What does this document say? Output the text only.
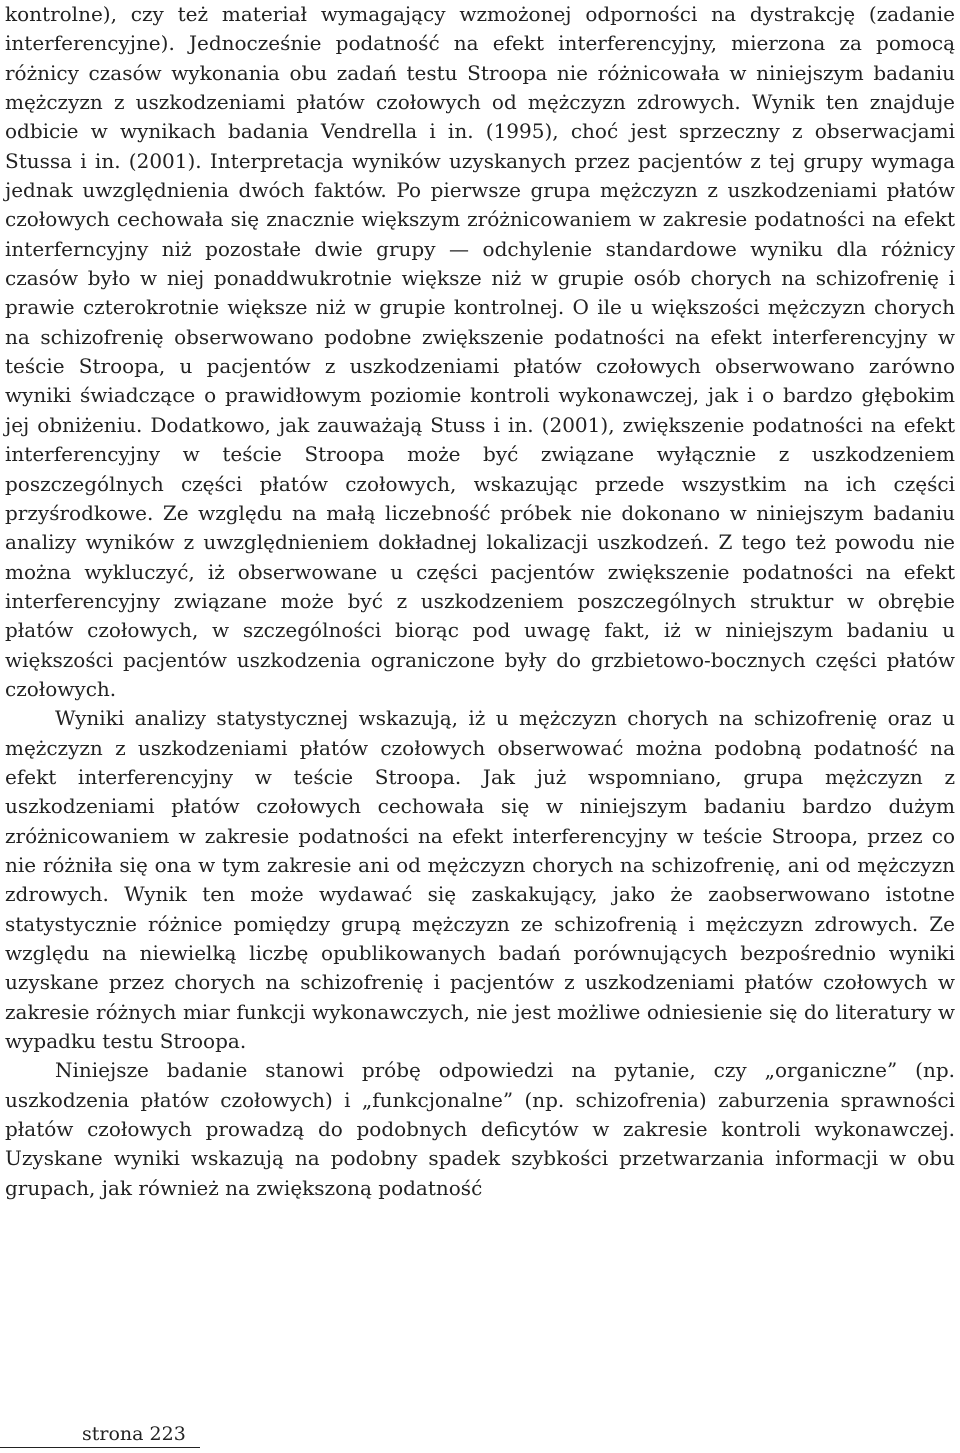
kontrolne), czy też materiał wymagający wzmożonej odporności na dystrakcję (zadanie interferencyjne). Jednocześnie podatność na efekt interferencyjny, mierzona za pomocą różnicy czasów wykonania obu zadań testu Stroopa nie różnicowała w niniejszym badaniu mężczyzn z uszkodzeniami płatów czołowych od mężczyzn zdrowych. Wynik ten znajduje odbicie w wynikach badania Vendrella i in. (1995), choć jest sprzeczny z obserwacjami Stussa i in. (2001). Interpretacja wyników uzyskanych przez pacjentów z tej grupy wymaga jednak uwzględnienia dwóch faktów. Po pierwsze grupa mężczyzn z uszkodzeniami płatów czołowych cechowała się znacznie większym zróżnicowaniem w zakresie podatności na efekt interferncyjny niż pozostałe dwie grupy — odchylenie standardowe wyniku dla różnicy czasów było w niej ponaddwukrotnie większe niż w grupie osób chorych na schizofrenię i prawie czterokrotnie większe niż w grupie kontrolnej. O ile u większości mężczyzn chorych na schizofrenię obserwowano podobne zwiększenie podatności na efekt interferencyjny w teście Stroopa, u pacjentów z uszkodzeniami płatów czołowych obserwowano zarówno wyniki świadczące o prawidłowym poziomie kontroli wykonawczej, jak i o bardzo głębokim jej obniżeniu. Dodatkowo, jak zauważają Stuss i in. (2001), zwiększenie podatności na efekt interferencyjny w teście Stroopa może być związane wyłącznie z uszkodzeniem poszczególnych części płatów czołowych, wskazując przede wszystkim na ich części przyśrodkowe. Ze względu na małą liczebność próbek nie dokonano w niniejszym badaniu analizy wyników z uwzględnieniem dokładnej lokalizacji uszkodzeń. Z tego też powodu nie można wykluczyć, iż obserwowane u części pacjentów zwiększenie podatności na efekt interferencyjny związane może być z uszkodzeniem poszczególnych struktur w obrębie płatów czołowych, w szczególności biorąc pod uwagę fakt, iż w niniejszym badaniu u większości pacjentów uszkodzenia ograniczone były do grzbietowo-bocznych części płatów czołowych.

Wyniki analizy statystycznej wskazują, iż u mężczyzn chorych na schizofrenię oraz u mężczyzn z uszkodzeniami płatów czołowych obserwować można podobną podatność na efekt interferencyjny w teście Stroopa. Jak już wspomniano, grupa mężczyzn z uszkodzeniami płatów czołowych cechowała się w niniejszym badaniu bardzo dużym zróżnicowaniem w zakresie podatności na efekt interferencyjny w teście Stroopa, przez co nie różniła się ona w tym zakresie ani od mężczyzn chorych na schizofrenię, ani od mężczyzn zdrowych. Wynik ten może wydawać się zaskakujący, jako że zaobserwowano istotne statystycznie różnice pomiędzy grupą mężczyzn ze schizofrenią i mężczyzn zdrowych. Ze względu na niewielką liczbę opublikowanych badań porównujących bezpośrednio wyniki uzyskane przez chorych na schizofrenię i pacjentów z uszkodzeniami płatów czołowych w zakresie różnych miar funkcji wykonawczych, nie jest możliwe odniesienie się do literatury w wypadku testu Stroopa.

Niniejsze badanie stanowi próbę odpowiedzi na pytanie, czy „organiczne” (np. uszkodzenia płatów czołowych) i „funkcjonalne” (np. schizofrenia) zaburzenia sprawności płatów czołowych prowadzą do podobnych deficytów w zakresie kontroli wykonawczej. Uzyskane wyniki wskazują na podobny spadek szybkości przetwarzania informacji w obu grupach, jak również na zwiększoną podatność

strona 223
